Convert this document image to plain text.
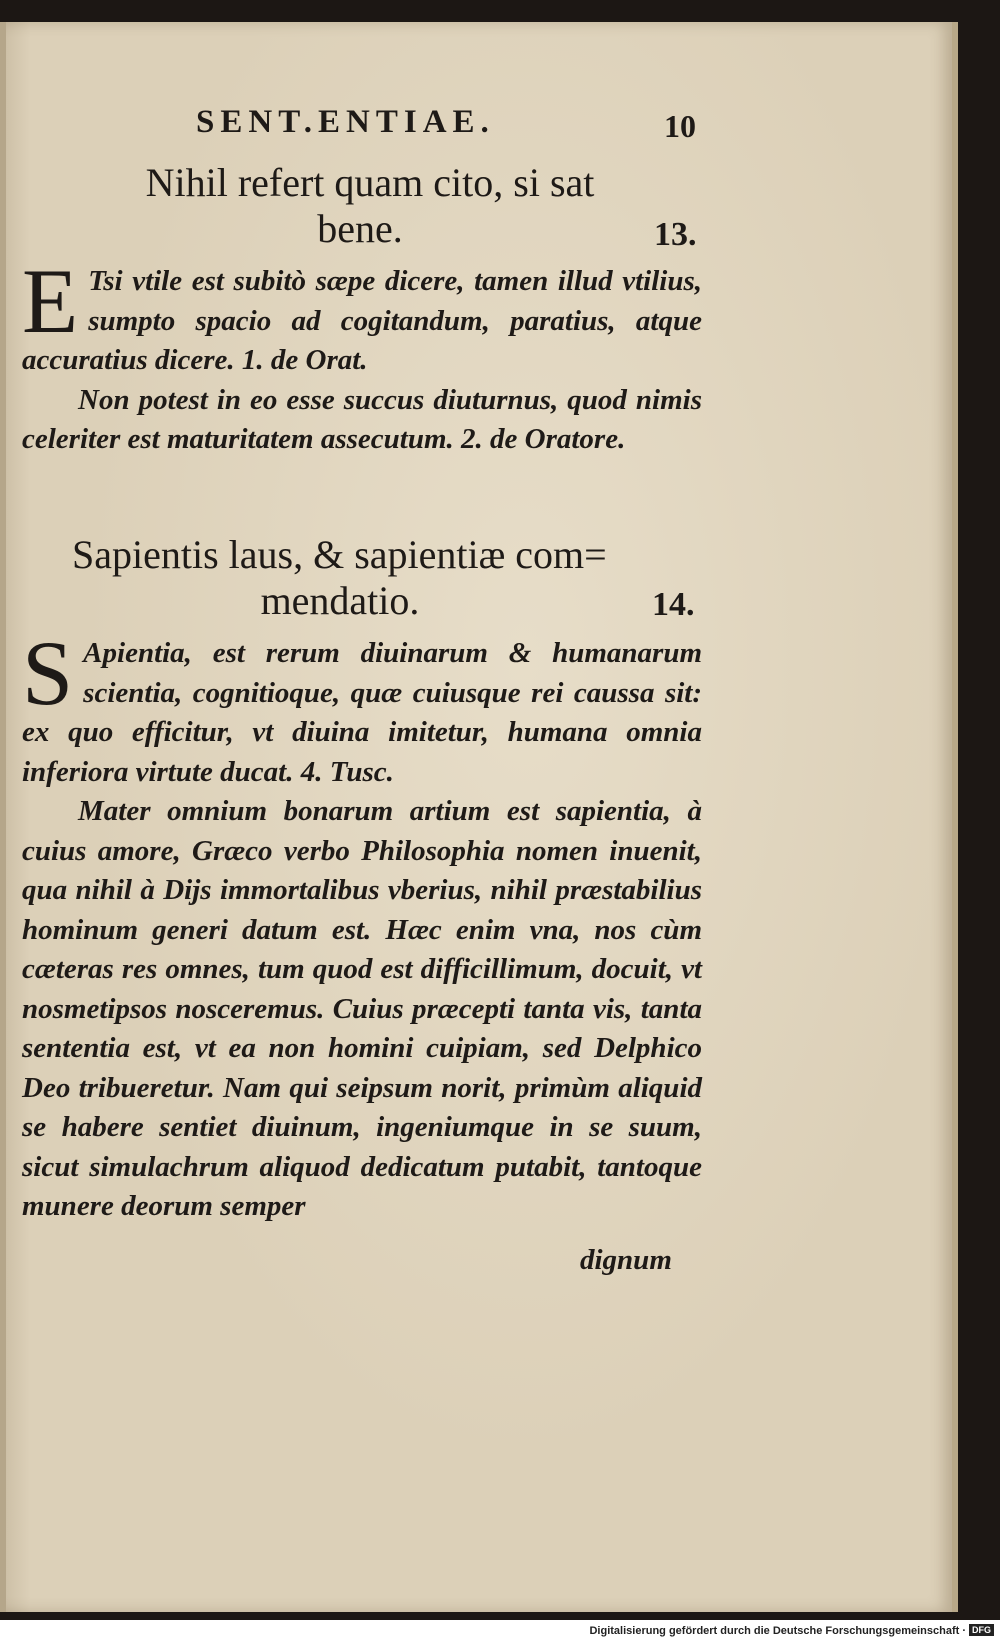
SENT.ENTIAE.	10
Nihil refert quam cito, si sat
bene.	13.

E Tsi vtile est subitò sæpe dicere, tamen illud vtilius, sumpto spacio ad cogitandum, paratius, atque accuratius dicere. 1. de Orat.

Non potest in eo esse succus diuturnus, quod nimis celeriter est maturitatem assecutum. 2. de Oratore.

Sapientis laus, & sapientiæ com=
mendatio.	14.

S Apientia, est rerum diuinarum & humanarum scientia, cognitioque, quæ cuiusque rei caussa sit: ex quo efficitur, vt diuina imitetur, humana omnia inferiora virtute ducat. 4. Tusc.

Mater omnium bonarum artium est sapientia, à cuius amore, Græco verbo Philosophia nomen inuenit, qua nihil à Dijs immortalibus vberius, nihil præstabilius hominum generi datum est. Hæc enim vna, nos cùm cæteras res omnes, tum quod est difficillimum, docuit, vt nosmetipsos nosceremus. Cuius præcepti tanta vis, tanta sententia est, vt ea non homini cuipiam, sed Delphico Deo tribueretur. Nam qui seipsum norit, primùm aliquid se habere sentiet diuinum, ingeniumque in se suum, sicut simulachrum aliquod dedicatum putabit, tantoque munere deorum semper

dignum
Digitalisierung gefördert durch die Deutsche Forschungsgemeinschaft · DFG
